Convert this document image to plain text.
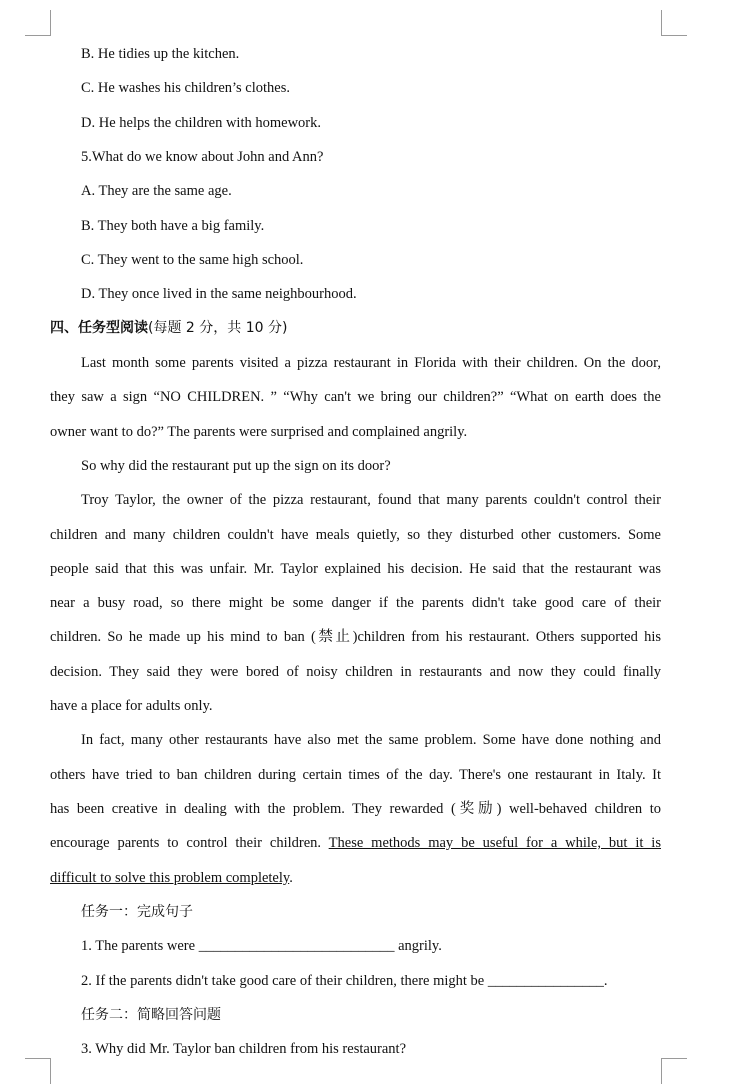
B. He tidies up the kitchen.
C. He washes his children’s clothes.
D. He helps the children with homework.
5.What do we know about John and Ann?
A. They are the same age.
B. They both have a big family.
C. They went to the same high school.
D. They once lived in the same neighbourhood.
四、任务型阅读(每题 2 分，共 10 分)
Last month some parents visited a pizza restaurant in Florida with their children. On the door,
they saw a sign “NO CHILDREN. ” “Why can't we bring our children?” “What on earth does the
owner want to do?” The parents were surprised and complained angrily.
So why did the restaurant put up the sign on its door?
Troy Taylor, the owner of the pizza restaurant, found that many parents couldn't control their
children and many children couldn't have meals quietly, so they disturbed other customers. Some
people said that this was unfair. Mr. Taylor explained his decision. He said that the restaurant was
near a busy road, so there might be some danger if the parents didn't take good care of their
children. So he made up his mind to ban (禁止)children from his restaurant. Others supported his
decision. They said they were bored of noisy children in restaurants and now they could finally
have a place for adults only.
In fact, many other restaurants have also met the same problem. Some have done nothing and
others have tried to ban children during certain times of the day. There's one restaurant in Italy. It
has been creative in dealing with the problem. They rewarded (奖励) well-behaved children to
encourage parents to control their children. These methods may be useful for a while, but it is
difficult to solve this problem completely.
任务一：完成句子
1. The parents were ___________________________ angrily.
2. If the parents didn't take good care of their children, there might be ________________.
任务二：简略回答问题
3. Why did Mr. Taylor ban children from his restaurant?
